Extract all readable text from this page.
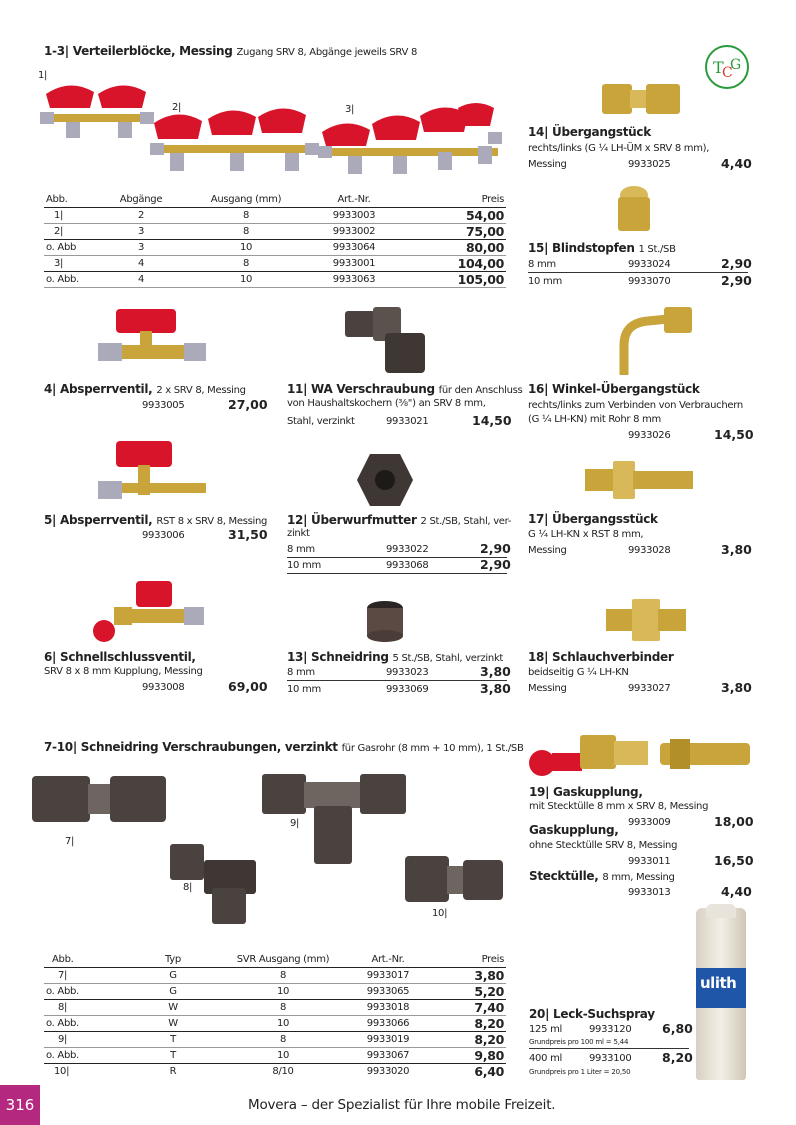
T
C
G
1-3| Verteilerblöcke, Messing Zugang SRV 8, Abgänge jeweils SRV 8
1|
2|	3|
Abb.	Abgänge	Ausgang (mm)	Art.-Nr.	Preis
1|	2	8	9933003	54,00
2|	3	8	9933002	75,00
o. Abb	3	10	9933064	80,00
3|	4	8	9933001	104,00
o. Abb.	4	10	9933063	105,00
4| Absperrventil, 2 x SRV 8, Messing
9933005	27,00
5| Absperrventil, RST 8 x SRV 8, Messing
9933006	31,50
6| Schnellschlussventil,
SRV 8 x 8 mm Kupplung, Messing
9933008	69,00
11| WA Verschraubung für den Anschluss
von Haushaltskochern (⅜") an SRV 8 mm,
Stahl, verzinkt	9933021	14,50
12| Überwurfmutter 2 St./SB, Stahl, ver-
zinkt
8 mm	9933022	2,90
10 mm	9933068	2,90
13| Schneidring 5 St./SB, Stahl, verzinkt
8 mm	9933023	3,80
10 mm	9933069	3,80
14| Übergangstück
rechts/links (G ¼ LH-ÜM x SRV 8 mm),
Messing	9933025	4,40
15| Blindstopfen 1 St./SB
8 mm	9933024	2,90
10 mm	9933070	2,90
16| Winkel-Übergangstück
rechts/links zum Verbinden von Verbrauchern
(G ¼ LH-KN) mit Rohr 8 mm
9933026	14,50
17| Übergangsstück
G ¼ LH-KN x RST 8 mm,
Messing	9933028	3,80
18| Schlauchverbinder
beidseitig G ¼ LH-KN
Messing	9933027	3,80
7-10| Schneidring Verschraubungen, verzinkt für Gasrohr (8 mm + 10 mm), 1 St./SB
7|
8|
9|
10|
Abb.	Typ	SVR Ausgang (mm)	Art.-Nr.	Preis
7|	G	8	9933017	3,80
o. Abb.	G	10	9933065	5,20
8|	W	8	9933018	7,40
o. Abb.	W	10	9933066	8,20
9|	T	8	9933019	8,20
o. Abb.	T	10	9933067	9,80
10|	R	8/10	9933020	6,40
19| Gaskupplung,
mit Stecktülle 8 mm x SRV 8, Messing
9933009	18,00
Gaskupplung,
ohne Stecktülle SRV 8, Messing
9933011	16,50
Stecktülle, 8 mm, Messing
9933013	4,40
ulith
20| Leck-Suchspray
125 ml	9933120 6,80
Grundpreis pro 100 ml = 5,44
400 ml	9933100 8,20
Grundpreis pro 1 Liter = 20,50
316	Movera – der Spezialist für Ihre mobile Freizeit.
